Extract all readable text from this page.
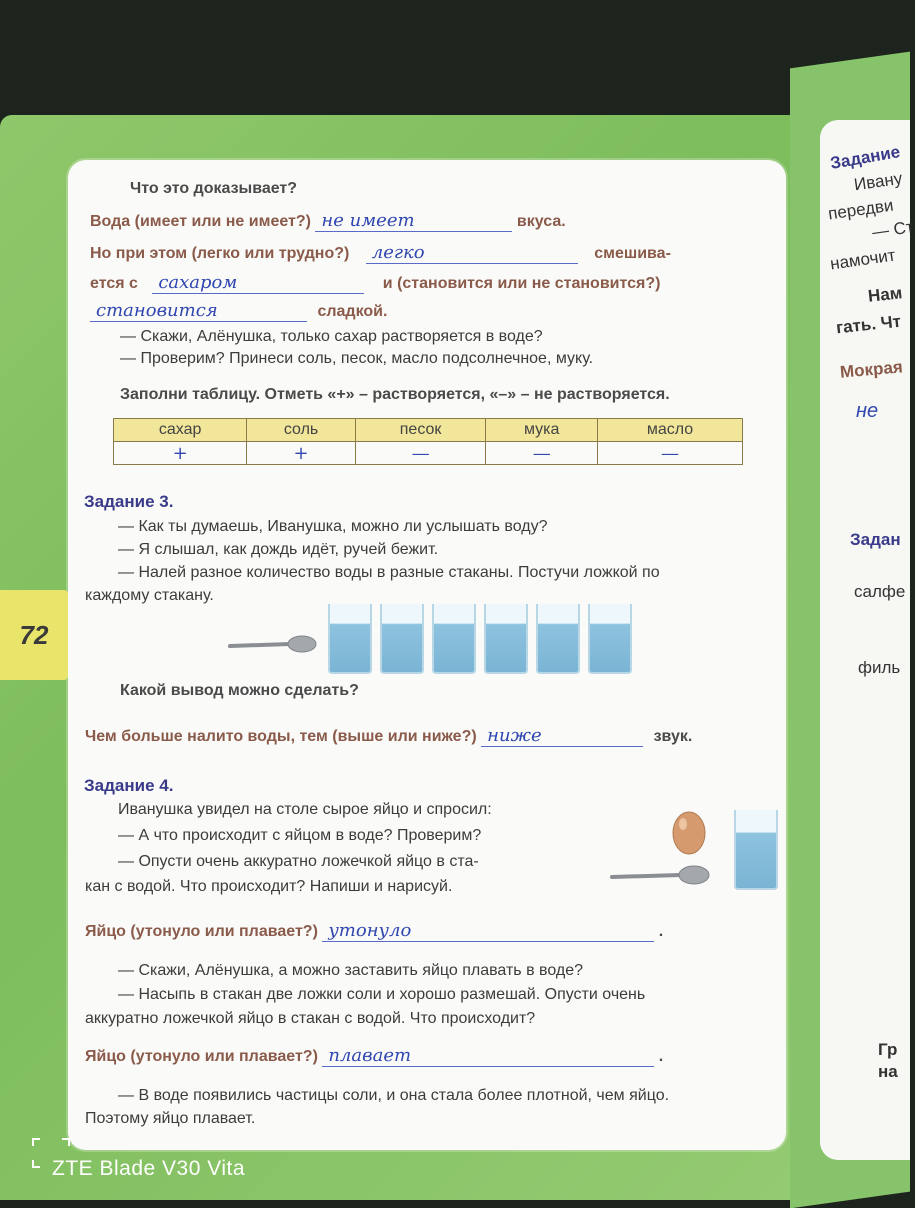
Задание
Ивану
передви
— Ст
намочит
Нам
гать. Чт
Мокрая
не
Задан
салфе
филь
Гр
на
72
Что это доказывает?
Вода (имеет или не имеет?) не имеет	вкуса.
Но при этом (легко или трудно?) легко	смешива-
ется с сахаром	и (становится или не становится?)
становится	сладкой.
— Скажи, Алёнушка, только сахар растворяется в воде?
— Проверим? Принеси соль, песок, масло подсолнечное, муку.
Заполни таблицу. Отметь «+» – растворяется, «–» – не растворяется.
сахар	соль	песок	мука	масло
+	+	—	—	—
Задание 3.
— Как ты думаешь, Иванушка, можно ли услышать воду?
— Я слышал, как дождь идёт, ручей бежит.
— Налей разное количество воды в разные стаканы. Постучи ложкой по
каждому стакану.
Какой вывод можно сделать?
Чем больше налито воды, тем (выше или ниже?) ниже	звук.
Задание 4.
Иванушка увидел на столе сырое яйцо и спросил:
— А что происходит с яйцом в воде? Проверим?
— Опусти очень аккуратно ложечкой яйцо в ста-
кан с водой. Что происходит? Напиши и нарисуй.
Яйцо (утонуло или плавает?) утонуло	.
— Скажи, Алёнушка, а можно заставить яйцо плавать в воде?
— Насыпь в стакан две ложки соли и хорошо размешай. Опусти очень
аккуратно ложечкой яйцо в стакан с водой. Что происходит?
Яйцо (утонуло или плавает?) плавает	.
— В воде появились частицы соли, и она стала более плотной, чем яйцо.
Поэтому яйцо плавает.
ZTE Blade V30 Vita
